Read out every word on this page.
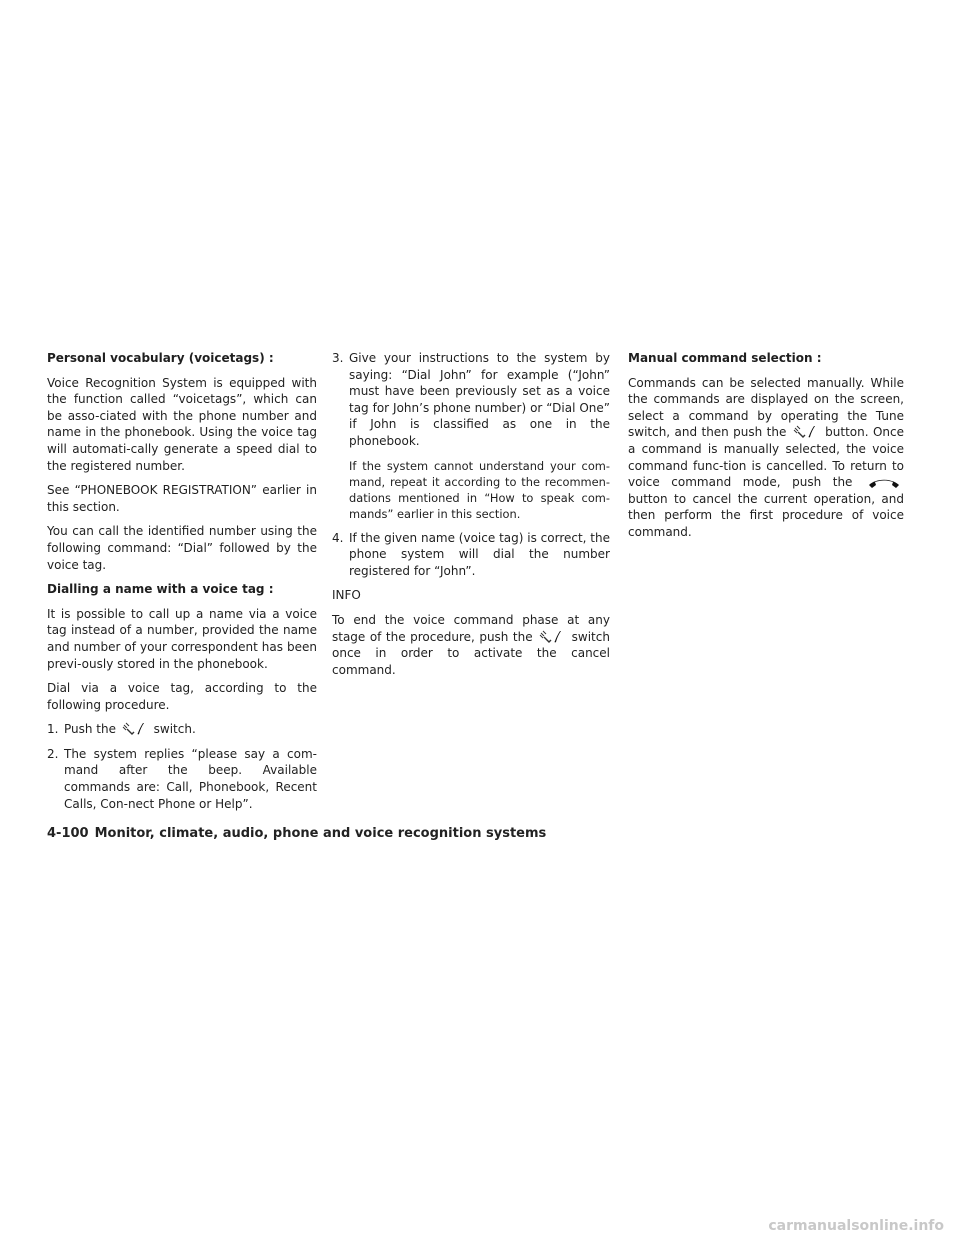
Personal vocabulary (voicetags) :

Voice Recognition System is equipped with the function called “voicetags”, which can be asso-ciated with the phone number and name in the phonebook. Using the voice tag will automati-cally generate a speed dial to the registered number.

See “PHONEBOOK REGISTRATION” earlier in this section.

You can call the identified number using the following command: “Dial” followed by the voice tag.

Dialling a name with a voice tag :

It is possible to call up a name via a voice tag instead of a number, provided the name and number of your correspondent has been previ-ously stored in the phonebook.

Dial via a voice tag, according to the following procedure.

1. Push the	switch.

2. The system replies “please say a com-mand after the beep. Available commands are: Call, Phonebook, Recent Calls, Con-nect Phone or Help”.

3. Give your instructions to the system by saying: “Dial John” for example (“John” must have been previously set as a voice tag for John’s phone number) or “Dial One” if John is classified as one in the phonebook.

If the system cannot understand your com-mand, repeat it according to the recommen-dations mentioned in “How to speak com-mands” earlier in this section.

4. If the given name (voice tag) is correct, the phone system will dial the number registered for “John”.

INFO

To end the voice command phase at any stage of the procedure, push the	switch once in order to activate the cancel command.

Manual command selection :

Commands can be selected manually. While the commands are displayed on the screen, select a command by operating the Tune switch, and then push the	button. Once a command is manually selected, the voice command func-tion is cancelled. To return to voice command mode, push the
button to cancel the current operation, and then perform the first procedure of voice command.

4-100 Monitor, climate, audio, phone and voice recognition systems
carmanualsonline.info
